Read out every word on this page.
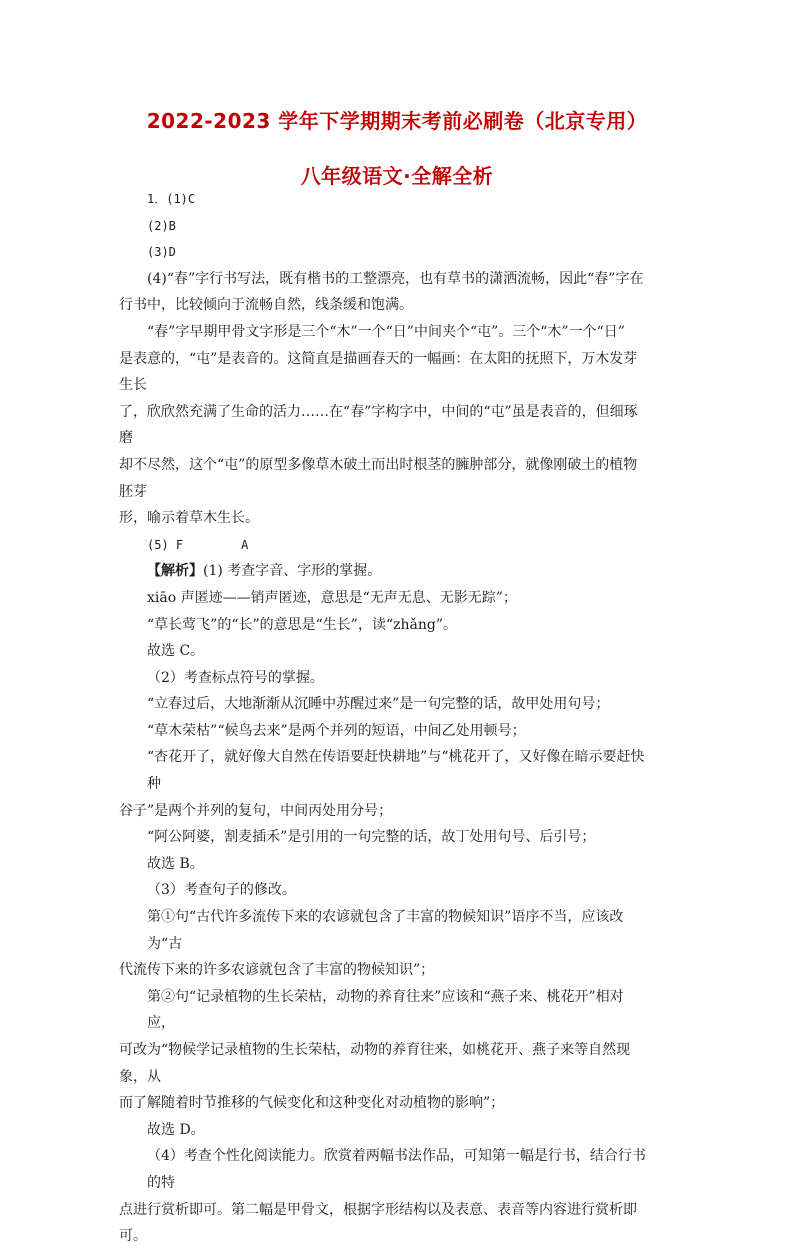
2022-2023 学年下学期期末考前必刷卷（北京专用）
八年级语文·全解全析

1．(1)C

(2)B

(3)D

(4)“春”字行书写法，既有楷书的工整漂亮，也有草书的潇洒流畅，因此“春”字在

行书中，比较倾向于流畅自然，线条缓和饱满。

“春”字早期甲骨文字形是三个“木”一个“日”中间夹个“屯”。三个“木”一个“日”

是表意的，“屯”是表音的。这简直是描画春天的一幅画：在太阳的抚照下，万木发芽生长

了，欣欣然充满了生命的活力……在“春”字构字中，中间的“屯”虽是表音的，但细琢磨

却不尽然，这个“屯”的原型多像草木破土而出时根茎的臃肿部分，就像刚破土的植物胚芽

形，喻示着草木生长。

(5) F	A

【解析】(1) 考查字音、字形的掌握。

xiāo 声匿迹——销声匿迹，意思是“无声无息、无影无踪”；

“草长莺飞”的“长”的意思是“生长”，读“zhǎng”。

故选 C。

（2）考查标点符号的掌握。

“立春过后，大地渐渐从沉睡中苏醒过来”是一句完整的话，故甲处用句号；

“草木荣枯”“候鸟去来”是两个并列的短语，中间乙处用顿号；

“杏花开了，就好像大自然在传语要赶快耕地”与“桃花开了，又好像在暗示要赶快种

谷子”是两个并列的复句，中间丙处用分号；

“阿公阿婆，割麦插禾”是引用的一句完整的话，故丁处用句号、后引号；

故选 B。

（3）考查句子的修改。

第①句“古代许多流传下来的农谚就包含了丰富的物候知识”语序不当，应该改为“古

代流传下来的许多农谚就包含了丰富的物候知识”；

第②句“记录植物的生长荣枯，动物的养育往来”应该和“燕子来、桃花开”相对应，

可改为“物候学记录植物的生长荣枯，动物的养育往来，如桃花开、燕子来等自然现象，从

而了解随着时节推移的气候变化和这种变化对动植物的影响”；

故选 D。

（4）考查个性化阅读能力。欣赏着两幅书法作品，可知第一幅是行书，结合行书的特

点进行赏析即可。第二幅是甲骨文，根据字形结构以及表意、表音等内容进行赏析即可。
